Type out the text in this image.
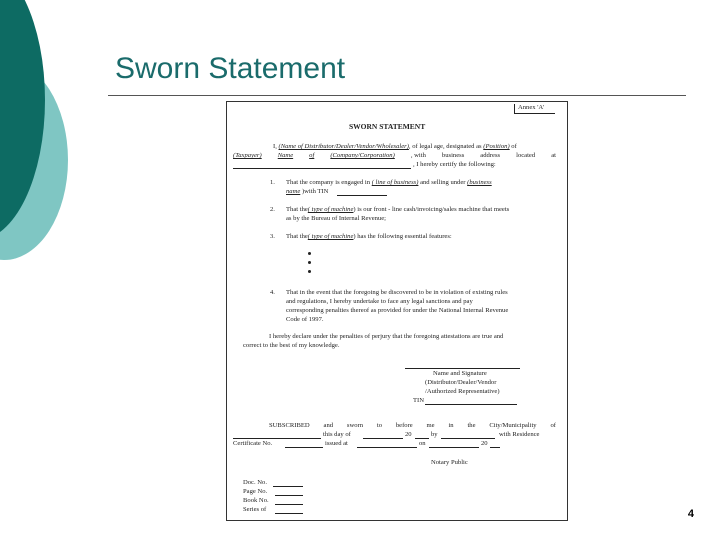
Sworn Statement
Annex 'A'
SWORN STATEMENT
I, (Name of Distributor/Dealer/Vendor/Wholesaler), of legal age, designated as (Position) of
(Taxpayer) Name of (Company/Corporation) , with business address located at
, I hereby certify the following:
1. That the company is engaged in ( line of business) and selling under (business
name )with TIN
2. That the( type of machine) is our front - line cash/invoicing/sales machine that meets
as by the Bureau of Internal Revenue;
3. That the( type of machine) has the following essential features:
4. That in the event that the foregoing be discovered to be in violation of existing rules
and regulations, I hereby undertake to face any legal sanctions and pay
corresponding penalties thereof as provided for under the National Internal Revenue
Code of 1997.
I hereby declare under the penalties of perjury that the foregoing attestations are true and
correct to the best of my knowledge.
Name and Signature
(Distributor/Dealer/Vendor
/Authorized Representative)
TIN
SUBSCRIBED and sworn to before me in the City/Municipality of
this day of	20	by	with Residence
Certificate No.	issued at	on	20
Notary Public
Doc. No.
Page No.
Book No.
Series of	4
